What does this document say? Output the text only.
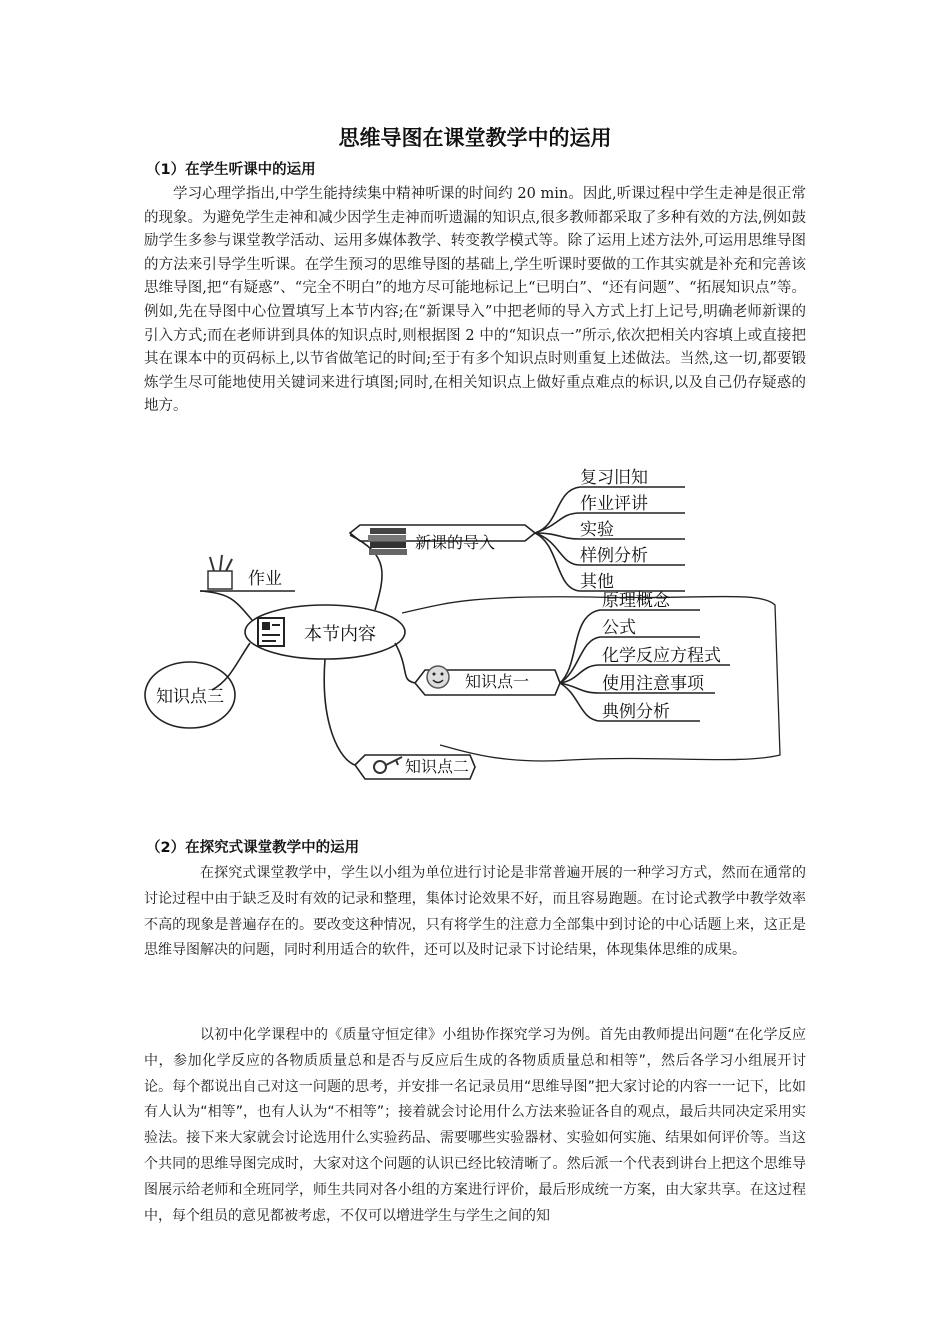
思维导图在课堂教学中的运用
（1）在学生听课中的运用

学习心理学指出,中学生能持续集中精神听课的时间约 20 min。因此,听课过程中学生走神是很正常的现象。为避免学生走神和减少因学生走神而听遗漏的知识点,很多教师都采取了多种有效的方法,例如鼓励学生多参与课堂教学活动、运用多媒体教学、转变教学模式等。除了运用上述方法外,可运用思维导图的方法来引导学生听课。在学生预习的思维导图的基础上,学生听课时要做的工作其实就是补充和完善该思维导图,把“有疑惑”、“完全不明白”的地方尽可能地标记上“已明白”、“还有问题”、“拓展知识点”等。例如,先在导图中心位置填写上本节内容;在“新课导入”中把老师的导入方式上打上记号,明确老师新课的引入方式;而在老师讲到具体的知识点时,则根据图 2 中的“知识点一”所示,依次把相关内容填上或直接把其在课本中的页码标上,以节省做笔记的时间;至于有多个知识点时则重复上述做法。当然,这一切,都要锻炼学生尽可能地使用关键词来进行填图;同时,在相关知识点上做好重点难点的标识,以及自己仍存疑惑的地方。

本节内容
作业
知识点三
新课的导入
知识点一
知识点二
复习旧知
作业评讲
实验
样例分析
其他
原理概念
公式
化学反应方程式
使用注意事项
典例分析
（2）在探究式课堂教学中的运用

在探究式课堂教学中，学生以小组为单位进行讨论是非常普遍开展的一种学习方式，然而在通常的讨论过程中由于缺乏及时有效的记录和整理，集体讨论效果不好，而且容易跑题。在讨论式教学中教学效率不高的现象是普遍存在的。要改变这种情况，只有将学生的注意力全部集中到讨论的中心话题上来，这正是思维导图解决的问题，同时利用适合的软件，还可以及时记录下讨论结果，体现集体思维的成果。

以初中化学课程中的《质量守恒定律》小组协作探究学习为例。首先由教师提出问题“在化学反应中，参加化学反应的各物质质量总和是否与反应后生成的各物质质量总和相等”，然后各学习小组展开讨论。每个都说出自己对这一问题的思考，并安排一名记录员用“思维导图”把大家讨论的内容一一记下，比如有人认为“相等”，也有人认为“不相等”；接着就会讨论用什么方法来验证各自的观点，最后共同决定采用实验法。接下来大家就会讨论选用什么实验药品、需要哪些实验器材、实验如何实施、结果如何评价等。当这个共同的思维导图完成时，大家对这个问题的认识已经比较清晰了。然后派一个代表到讲台上把这个思维导图展示给老师和全班同学，师生共同对各小组的方案进行评价，最后形成统一方案，由大家共享。在这过程中，每个组员的意见都被考虑，不仅可以增进学生与学生之间的知
